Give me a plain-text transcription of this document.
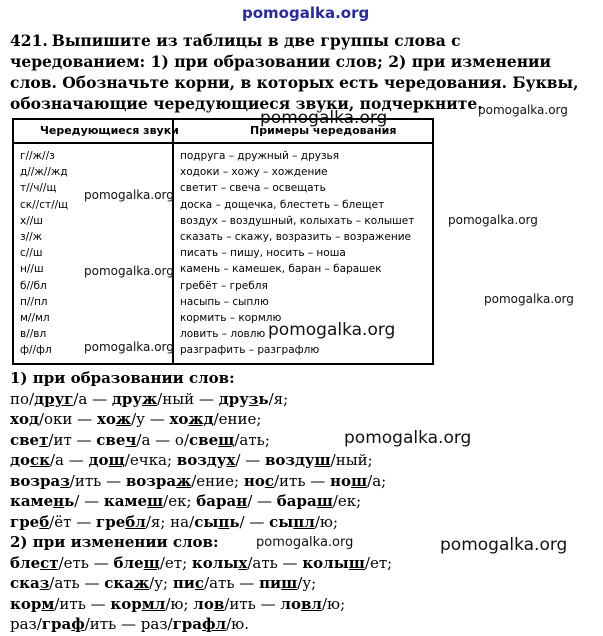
pomogalka.org
421. Выпишите из таблицы в две группы слова с чередованием: 1) при образовании слов; 2) при изменении слов. Обозначьте корни, в которых есть чередования. Буквы, обозначающие чередующиеся звуки, подчеркните.
pomogalka.org	pomogalka.org
Чередующиеся звуки	Примеры чередования
г//ж//з	подруга – дружный – друзья
д//ж//жд	ходоки – хожу – хождение
т//ч//щ	светит – свеча – освещать
ск//ст//щ	доска – дощечка, блестеть – блещет
х//ш	воздух – воздушный, колыхать – колышет
з//ж	сказать – скажу, возразить – возражение
с//ш	писать – пишу, носить – ноша
н//ш	камень – камешек, баран – барашек
б//бл	гребёт – гребля
п//пл	насыпь – сыплю
м//мл	кормить – кормлю
в//вл	ловить – ловлю
ф//фл	разграфить – разграфлю
pomogalka.org
pomogalka.org
pomogalka.org
pomogalka.org
pomogalka.org
pomogalka.org
1) при образовании слов:
по/друг/а — друж/ный — друзь/я;
ход/оки — хож/у — хожд/ение;
свет/ит — свеч/а — о/свещ/ать;
доск/а — дощ/ечка; воздух/ — воздуш/ный;
возраз/ить — возраж/ение; нос/ить — нош/а;
камень/ — камеш/ек; баран/ — бараш/ек;
греб/ёт — гребл/я; на/сыпь/ — сыпл/ю;
2) при изменении слов:
блест/еть — блещ/ет; колых/ать — колыш/ет;
сказ/ать — скаж/у; пис/ать — пиш/у;
корм/ить — кормл/ю; лов/ить — ловл/ю;
раз/граф/ить — раз/графл/ю.
pomogalka.org
pomogalka.org	pomogalka.org
